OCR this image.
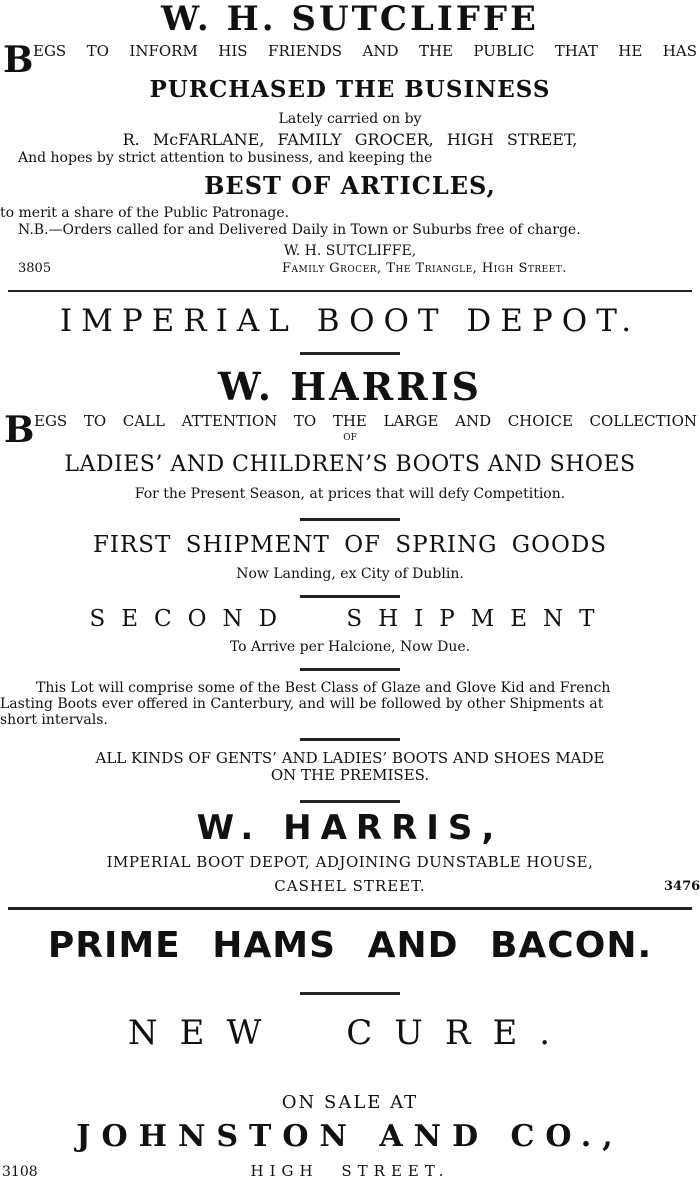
W. H. SUTCLIFFE
B EGS TO INFORM HIS FRIENDS AND THE PUBLIC THAT HE HAS
PURCHASED THE BUSINESS
Lately carried on by
R. McFARLANE, FAMILY GROCER, HIGH STREET,
And hopes by strict attention to business, and keeping the
BEST OF ARTICLES,
to merit a share of the Public Patronage.
N.B.—Orders called for and Delivered Daily in Town or Suburbs free of charge.
W. H. SUTCLIFFE,
3805	Family Grocer, The Triangle, High Street.
IMPERIAL BOOT DEPOT.
W. HARRIS
B EGS TO CALL ATTENTION TO THE LARGE AND CHOICE COLLECTION
OF
LADIES’ AND CHILDREN’S BOOTS AND SHOES
For the Present Season, at prices that will defy Competition.
FIRST SHIPMENT OF SPRING GOODS
Now Landing, ex City of Dublin.
SECOND SHIPMENT
To Arrive per Halcione, Now Due.
This Lot will comprise some of the Best Class of Glaze and Glove Kid and French
Lasting Boots ever offered in Canterbury, and will be followed by other Shipments at
short intervals.
ALL KINDS OF GENTS’ AND LADIES’ BOOTS AND SHOES MADE
ON THE PREMISES.
W. HARRIS,
IMPERIAL BOOT DEPOT, ADJOINING DUNSTABLE HOUSE,
CASHEL STREET.	3476
PRIME HAMS AND BACON.
NEW CURE.
ON SALE AT
JOHNSTON AND CO.,
3108	HIGH STREET.
